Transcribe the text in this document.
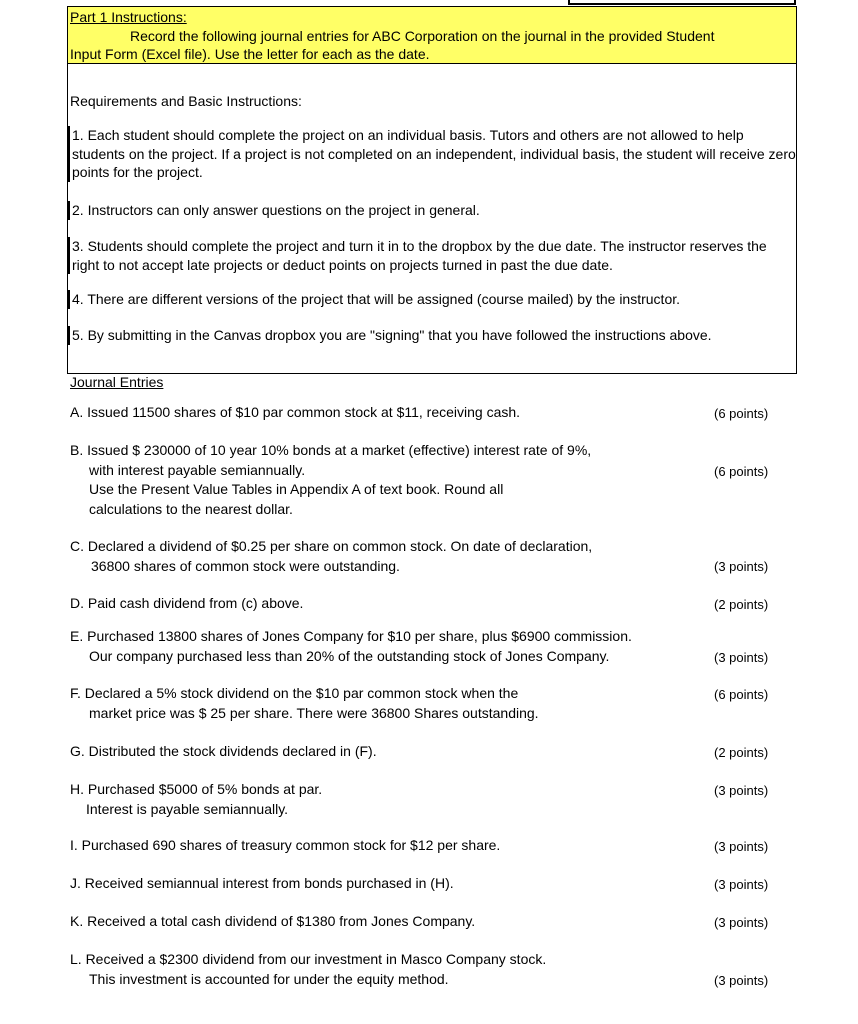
Part 1 Instructions:
Record the following journal entries for ABC Corporation on the journal in the provided Student
Input Form (Excel file). Use the letter for each as the date.
Requirements and Basic Instructions:
1. Each student should complete the project on an individual basis. Tutors and others are not allowed to help students on the project. If a project is not completed on an independent, individual basis, the student will receive zero points for the project.
2. Instructors can only answer questions on the project in general.
3. Students should complete the project and turn it in to the dropbox by the due date. The instructor reserves the right to not accept late projects or deduct points on projects turned in past the due date.
4. There are different versions of the project that will be assigned (course mailed) by the instructor.
5. By submitting in the Canvas dropbox you are "signing" that you have followed the instructions above.
Journal Entries
A. Issued 11500 shares of $10 par common stock at $11, receiving cash.	(6 points)
B. Issued $ 230000 of 10 year 10% bonds at a market (effective) interest rate of 9%,
with interest payable semiannually.
Use the Present Value Tables in Appendix A of text book. Round all
calculations to the nearest dollar.
(6 points)
C. Declared a dividend of $0.25 per share on common stock. On date of declaration,
36800 shares of common stock were outstanding.	(3 points)
D. Paid cash dividend from (c) above.	(2 points)
E. Purchased 13800 shares of Jones Company for $10 per share, plus $6900 commission.
Our company purchased less than 20% of the outstanding stock of Jones Company.	(3 points)
F. Declared a 5% stock dividend on the $10 par common stock when the
market price was $ 25 per share. There were 36800 Shares outstanding.
(6 points)
G. Distributed the stock dividends declared in (F).	(2 points)
H. Purchased $5000 of 5% bonds at par.
Interest is payable semiannually.
(3 points)
I. Purchased 690 shares of treasury common stock for $12 per share.	(3 points)
J. Received semiannual interest from bonds purchased in (H).	(3 points)
K. Received a total cash dividend of $1380 from Jones Company.	(3 points)
L. Received a $2300 dividend from our investment in Masco Company stock.
This investment is accounted for under the equity method.	(3 points)
